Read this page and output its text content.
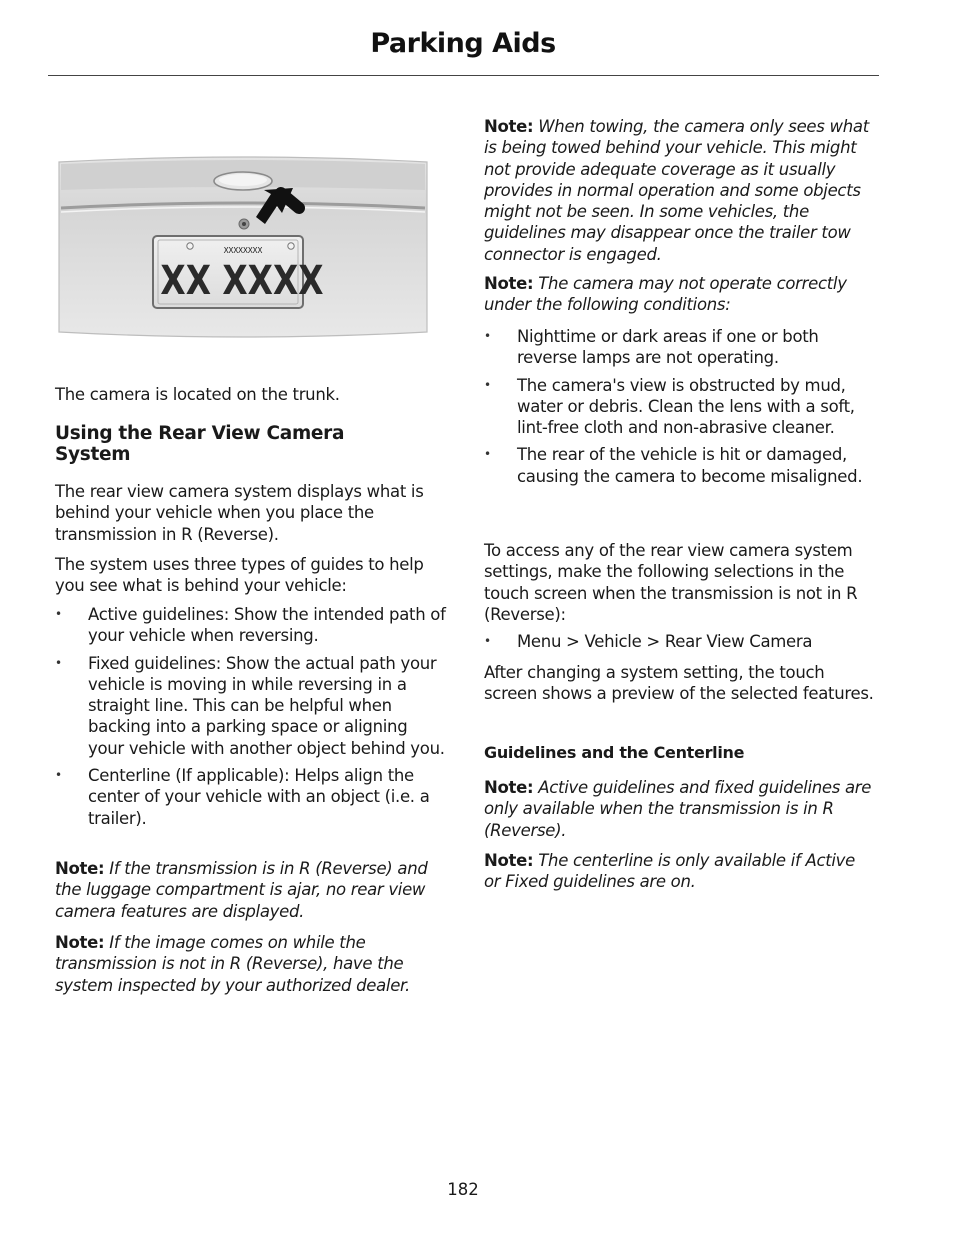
Parking Aids
XXXXXXXX
XX XXXX

The camera is located on the trunk.

Using the Rear View Camera System

The rear view camera system displays what is behind your vehicle when you place the transmission in R (Reverse).

The system uses three types of guides to help you see what is behind your vehicle:

• Active guidelines: Show the intended path of your vehicle when reversing.
• Fixed guidelines: Show the actual path your vehicle is moving in while reversing in a straight line. This can be helpful when backing into a parking space or aligning your vehicle with another object behind you.
• Centerline (If applicable): Helps align the center of your vehicle with an object (i.e. a trailer).

Note: If the transmission is in R (Reverse) and the luggage compartment is ajar, no rear view camera features are displayed.

Note: If the image comes on while the transmission is not in R (Reverse), have the system inspected by your authorized dealer.

Note: When towing, the camera only sees what is being towed behind your vehicle. This might not provide adequate coverage as it usually provides in normal operation and some objects might not be seen. In some vehicles, the guidelines may disappear once the trailer tow connector is engaged.

Note: The camera may not operate correctly under the following conditions:

• Nighttime or dark areas if one or both reverse lamps are not operating.
• The camera's view is obstructed by mud, water or debris. Clean the lens with a soft, lint-free cloth and non-abrasive cleaner.
• The rear of the vehicle is hit or damaged, causing the camera to become misaligned.

To access any of the rear view camera system settings, make the following selections in the touch screen when the transmission is not in R (Reverse):

• Menu > Vehicle > Rear View Camera

After changing a system setting, the touch screen shows a preview of the selected features.

Guidelines and the Centerline

Note: Active guidelines and fixed guidelines are only available when the transmission is in R (Reverse).

Note: The centerline is only available if Active or Fixed guidelines are on.

182
